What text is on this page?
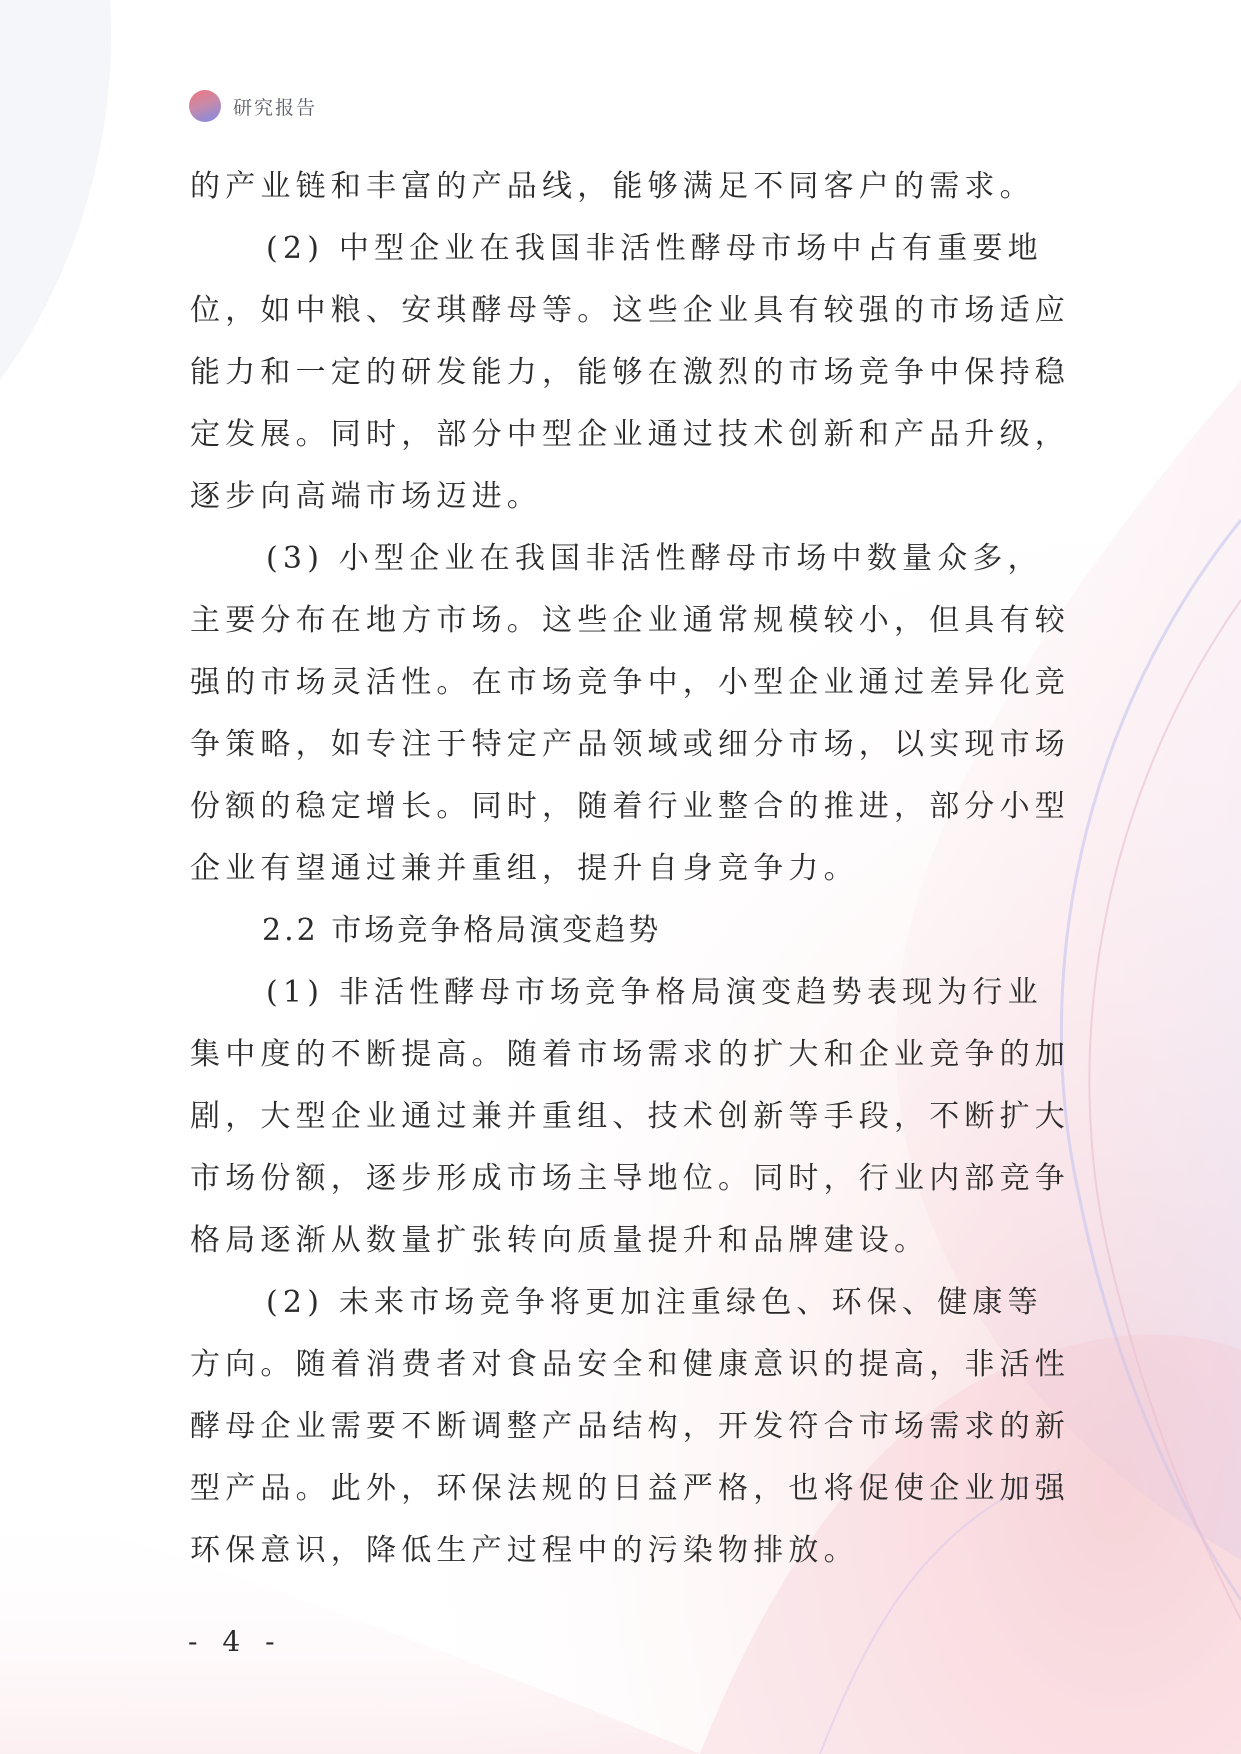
研究报告

的产业链和丰富的产品线，能够满足不同客户的需求。

(2) 中型企业在我国非活性酵母市场中占有重要地位，如中粮、安琪酵母等。这些企业具有较强的市场适应能力和一定的研发能力，能够在激烈的市场竞争中保持稳定发展。同时，部分中型企业通过技术创新和产品升级，逐步向高端市场迈进。

(3) 小型企业在我国非活性酵母市场中数量众多，主要分布在地方市场。这些企业通常规模较小，但具有较强的市场灵活性。在市场竞争中，小型企业通过差异化竞争策略，如专注于特定产品领域或细分市场，以实现市场份额的稳定增长。同时，随着行业整合的推进，部分小型企业有望通过兼并重组，提升自身竞争力。

2.2 市场竞争格局演变趋势

(1) 非活性酵母市场竞争格局演变趋势表现为行业集中度的不断提高。随着市场需求的扩大和企业竞争的加剧，大型企业通过兼并重组、技术创新等手段，不断扩大市场份额，逐步形成市场主导地位。同时，行业内部竞争格局逐渐从数量扩张转向质量提升和品牌建设。

(2) 未来市场竞争将更加注重绿色、环保、健康等方向。随着消费者对食品安全和健康意识的提高，非活性酵母企业需要不断调整产品结构，开发符合市场需求的新型产品。此外，环保法规的日益严格，也将促使企业加强环保意识，降低生产过程中的污染物排放。

- 4 -
